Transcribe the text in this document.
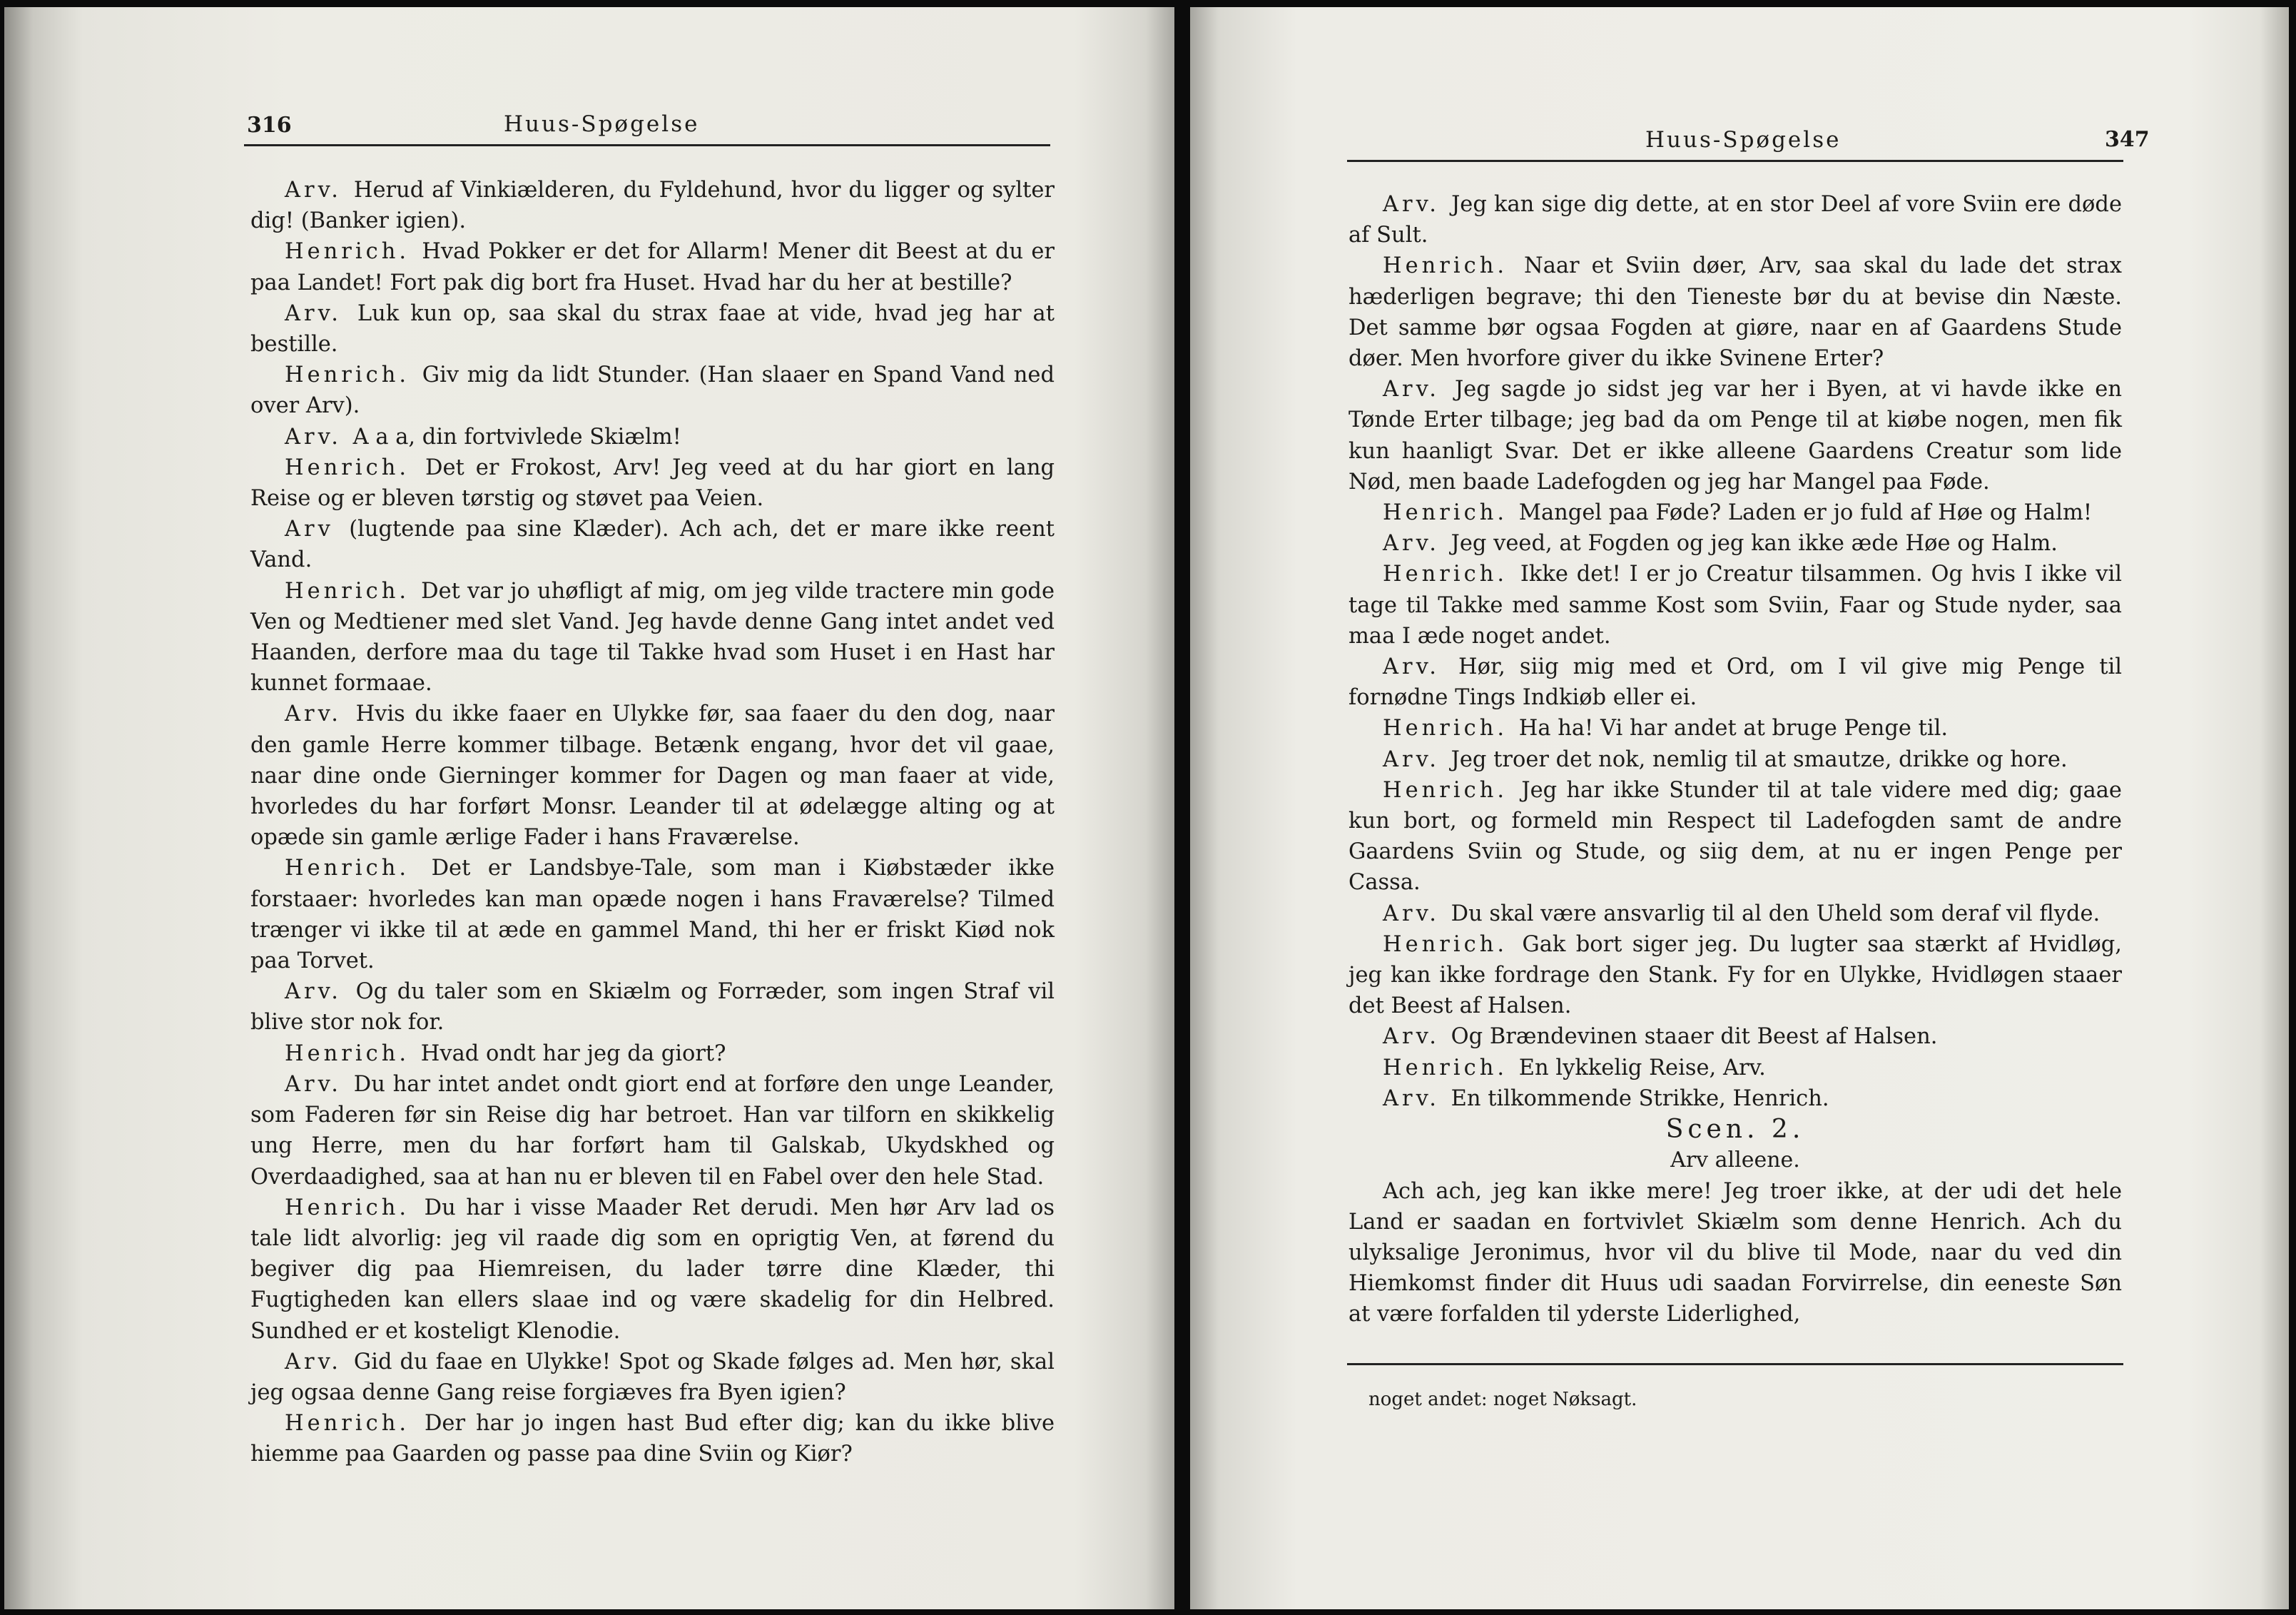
316	Huus-Spøgelse

Arv. Herud af Vinkiælderen, du Fyldehund, hvor du ligger og sylter dig! (Banker igien).

Henrich. Hvad Pokker er det for Allarm! Mener dit Beest at du er paa Landet! Fort pak dig bort fra Huset. Hvad har du her at bestille?

Arv. Luk kun op, saa skal du strax faae at vide, hvad jeg har at bestille.

Henrich. Giv mig da lidt Stunder. (Han slaaer en Spand Vand ned over Arv).

Arv. A a a, din fortvivlede Skiælm!

Henrich. Det er Frokost, Arv! Jeg veed at du har giort en lang Reise og er bleven tørstig og støvet paa Veien.

Arv (lugtende paa sine Klæder). Ach ach, det er mare ikke reent Vand.

Henrich. Det var jo uhøfligt af mig, om jeg vilde tractere min gode Ven og Medtiener med slet Vand. Jeg havde denne Gang intet andet ved Haanden, derfore maa du tage til Takke hvad som Huset i en Hast har kunnet formaae.

Arv. Hvis du ikke faaer en Ulykke før, saa faaer du den dog, naar den gamle Herre kommer tilbage. Betænk engang, hvor det vil gaae, naar dine onde Gierninger kommer for Dagen og man faaer at vide, hvorledes du har forført Monsr. Leander til at ødelægge alting og at opæde sin gamle ærlige Fader i hans Fraværelse.

Henrich. Det er Landsbye-Tale, som man i Kiøbstæder ikke forstaaer: hvorledes kan man opæde nogen i hans Fraværelse? Tilmed trænger vi ikke til at æde en gammel Mand, thi her er friskt Kiød nok paa Torvet.

Arv. Og du taler som en Skiælm og Forræder, som ingen Straf vil blive stor nok for.

Henrich. Hvad ondt har jeg da giort?

Arv. Du har intet andet ondt giort end at forføre den unge Leander, som Faderen før sin Reise dig har betroet. Han var tilforn en skikkelig ung Herre, men du har forført ham til Galskab, Ukydskhed og Overdaadighed, saa at han nu er bleven til en Fabel over den hele Stad.

Henrich. Du har i visse Maader Ret derudi. Men hør Arv lad os tale lidt alvorlig: jeg vil raade dig som en oprigtig Ven, at førend du begiver dig paa Hiemreisen, du lader tørre dine Klæder, thi Fugtigheden kan ellers slaae ind og være skadelig for din Helbred. Sundhed er et kosteligt Klenodie.

Arv. Gid du faae en Ulykke! Spot og Skade følges ad. Men hør, skal jeg ogsaa denne Gang reise forgiæves fra Byen igien?

Henrich. Der har jo ingen hast Bud efter dig; kan du ikke blive hiemme paa Gaarden og passe paa dine Sviin og Kiør?

Huus-Spøgelse	347

Arv. Jeg kan sige dig dette, at en stor Deel af vore Sviin ere døde af Sult.

Henrich. Naar et Sviin døer, Arv, saa skal du lade det strax hæderligen begrave; thi den Tieneste bør du at bevise din Næste. Det samme bør ogsaa Fogden at giøre, naar en af Gaardens Stude døer. Men hvorfore giver du ikke Svinene Erter?

Arv. Jeg sagde jo sidst jeg var her i Byen, at vi havde ikke en Tønde Erter tilbage; jeg bad da om Penge til at kiøbe nogen, men fik kun haanligt Svar. Det er ikke alleene Gaardens Creatur som lide Nød, men baade Ladefogden og jeg har Mangel paa Føde.

Henrich. Mangel paa Føde? Laden er jo fuld af Høe og Halm!

Arv. Jeg veed, at Fogden og jeg kan ikke æde Høe og Halm.

Henrich. Ikke det! I er jo Creatur tilsammen. Og hvis I ikke vil tage til Takke med samme Kost som Sviin, Faar og Stude nyder, saa maa I æde noget andet.

Arv. Hør, siig mig med et Ord, om I vil give mig Penge til fornødne Tings Indkiøb eller ei.

Henrich. Ha ha! Vi har andet at bruge Penge til.

Arv. Jeg troer det nok, nemlig til at smautze, drikke og hore.

Henrich. Jeg har ikke Stunder til at tale videre med dig; gaae kun bort, og formeld min Respect til Ladefogden samt de andre Gaardens Sviin og Stude, og siig dem, at nu er ingen Penge per Cassa.

Arv. Du skal være ansvarlig til al den Uheld som deraf vil flyde.

Henrich. Gak bort siger jeg. Du lugter saa stærkt af Hvidløg, jeg kan ikke fordrage den Stank. Fy for en Ulykke, Hvidløgen staaer det Beest af Halsen.

Arv. Og Brændevinen staaer dit Beest af Halsen.

Henrich. En lykkelig Reise, Arv.

Arv. En tilkommende Strikke, Henrich.

Scen. 2.

Arv alleene.

Ach ach, jeg kan ikke mere! Jeg troer ikke, at der udi det hele Land er saadan en fortvivlet Skiælm som denne Henrich. Ach du ulyksalige Jeronimus, hvor vil du blive til Mode, naar du ved din Hiemkomst finder dit Huus udi saadan Forvirrelse, din eeneste Søn at være forfalden til yderste Liderlighed,

noget andet: noget Nøksagt.
